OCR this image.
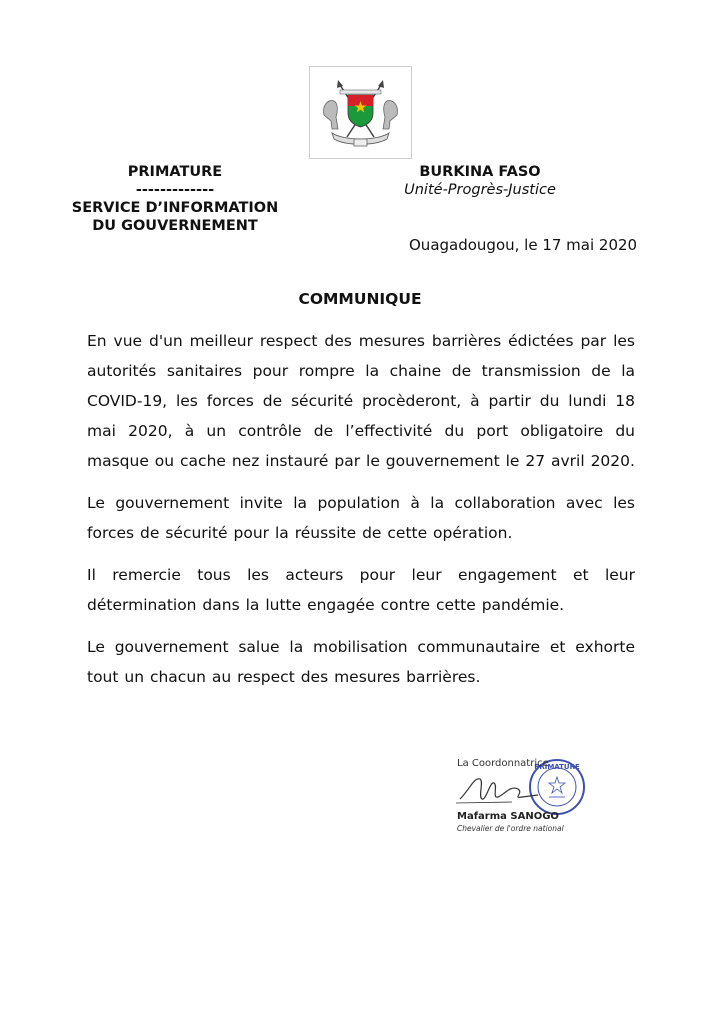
PRIMATURE
-------------
SERVICE D’INFORMATION
DU GOUVERNEMENT
BURKINA FASO
Unité-Progrès-Justice
Ouagadougou, le 17 mai 2020
COMMUNIQUE

En vue d'un meilleur respect des mesures barrières édictées par les autorités sanitaires pour rompre la chaine de transmission de la COVID-19, les forces de sécurité procèderont, à partir du lundi 18 mai 2020, à un contrôle de l’effectivité du port obligatoire du masque ou cache nez instauré par le gouvernement le 27 avril 2020.

Le gouvernement invite la population à la collaboration avec les forces de sécurité pour la réussite de cette opération.

Il remercie tous les acteurs pour leur engagement et leur détermination dans la lutte engagée contre cette pandémie.

Le gouvernement salue la mobilisation communautaire et exhorte tout un chacun au respect des mesures barrières.

PRIMATURE
La Coordonnatrice
Mafarma SANOGO
Chevalier de l'ordre national
